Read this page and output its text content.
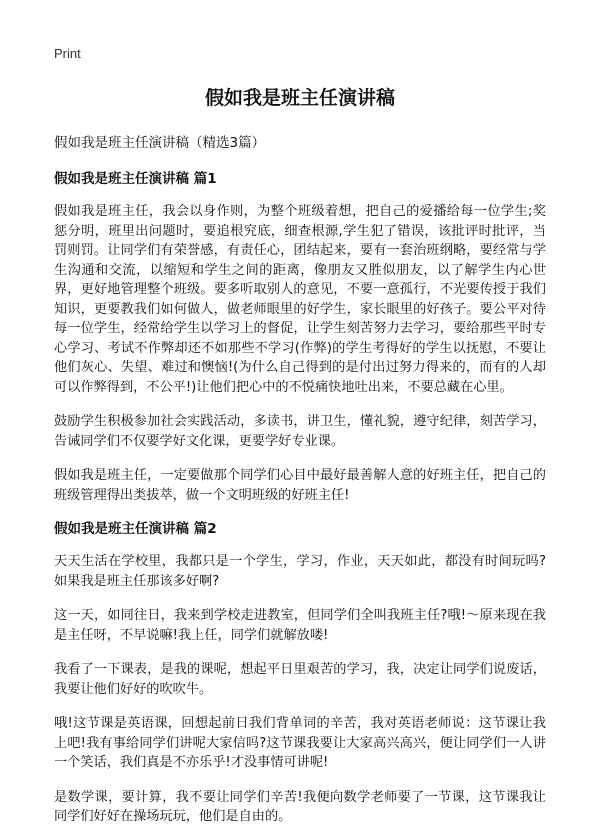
Print
假如我是班主任演讲稿
假如我是班主任演讲稿（精选3篇）
假如我是班主任演讲稿 篇1

假如我是班主任，我会以身作则，为整个班级着想，把自己的爱播给每一位学生;奖惩分明，班里出问题时，要追根究底，细查根源,学生犯了错误，该批评时批评，当罚则罚。让同学们有荣誉感，有责任心，团结起来，要有一套治班纲略，要经常与学生沟通和交流，以缩短和学生之间的距离，像朋友又胜似朋友，以了解学生内心世界，更好地管理整个班级。要多听取别人的意见，不要一意孤行，不光要传授于我们知识，更要教我们如何做人，做老师眼里的好学生，家长眼里的好孩子。要公平对待每一位学生，经常给学生以学习上的督促，让学生刻苦努力去学习，要给那些平时专心学习、考试不作弊却还不如那些不学习(作弊)的学生考得好的学生以抚慰，不要让他们灰心、失望、难过和懊恼!(为什么自己得到的是付出过努力得来的，而有的人却可以作弊得到，不公平!)让他们把心中的不悦痛快地吐出来，不要总藏在心里。

鼓励学生积极参加社会实践活动，多读书，讲卫生，懂礼貌，遵守纪律，刻苦学习，告诫同学们不仅要学好文化课，更要学好专业课。

假如我是班主任，一定要做那个同学们心目中最好最善解人意的好班主任，把自己的班级管理得出类拔萃，做一个文明班级的好班主任!

假如我是班主任演讲稿 篇2

天天生活在学校里，我都只是一个学生，学习，作业，天天如此，都没有时间玩吗?如果我是班主任那该多好啊?

这一天，如同往日，我来到学校走进教室，但同学们全叫我班主任?哦!～原来现在我是主任呀，不早说嘛!我上任，同学们就解放喽!

我看了一下课表，是我的课呢，想起平日里艰苦的学习，我，决定让同学们说废话，我要让他们好好的吹吹牛。

哦!这节课是英语课，回想起前日我们背单词的辛苦，我对英语老师说：这节课让我上吧!我有事给同学们讲呢大家信吗?这节课我要让大家高兴高兴，便让同学们一人讲一个笑话，我们真是不亦乐乎!才没事情可讲呢!

是数学课，要计算，我不要让同学们辛苦!我便向数学老师要了一节课，这节课我让同学们好好在操场玩玩，他们是自由的。
